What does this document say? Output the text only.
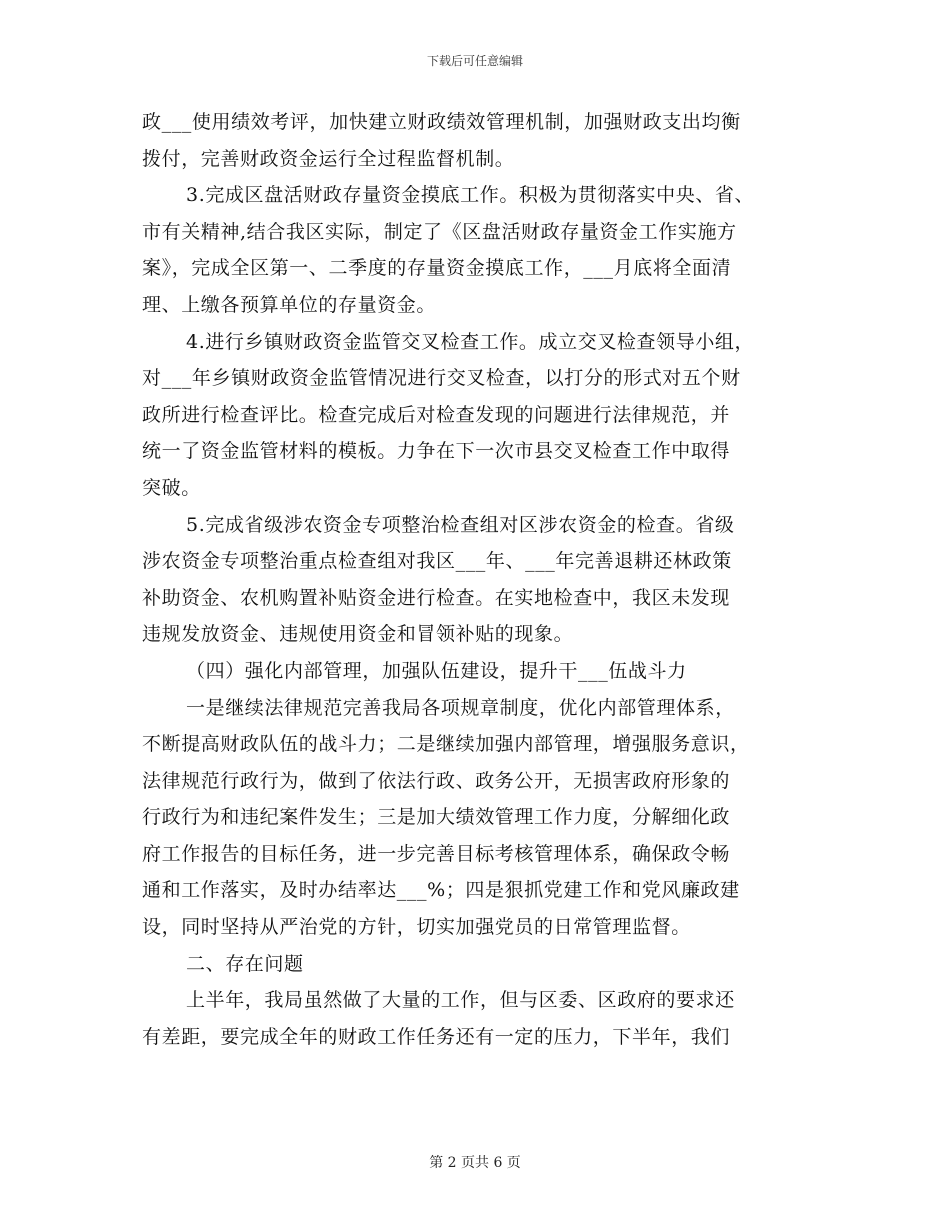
下载后可任意编辑
政___使用绩效考评，加快建立财政绩效管理机制，加强财政支出均衡
拨付，完善财政资金运行全过程监督机制。
3.完成区盘活财政存量资金摸底工作。积极为贯彻落实中央、省、
市有关精神,结合我区实际，制定了《区盘活财政存量资金工作实施方
案》，完成全区第一、二季度的存量资金摸底工作，___月底将全面清
理、上缴各预算单位的存量资金。
4.进行乡镇财政资金监管交叉检查工作。成立交叉检查领导小组，
对___年乡镇财政资金监管情况进行交叉检查，以打分的形式对五个财
政所进行检查评比。检查完成后对检查发现的问题进行法律规范，并
统一了资金监管材料的模板。力争在下一次市县交叉检查工作中取得
突破。
5.完成省级涉农资金专项整治检查组对区涉农资金的检查。省级
涉农资金专项整治重点检查组对我区___年、___年完善退耕还林政策
补助资金、农机购置补贴资金进行检查。在实地检查中，我区未发现
违规发放资金、违规使用资金和冒领补贴的现象。
（四）强化内部管理，加强队伍建设，提升干___伍战斗力
一是继续法律规范完善我局各项规章制度，优化内部管理体系，
不断提高财政队伍的战斗力；二是继续加强内部管理，增强服务意识，
法律规范行政行为，做到了依法行政、政务公开，无损害政府形象的
行政行为和违纪案件发生；三是加大绩效管理工作力度，分解细化政
府工作报告的目标任务，进一步完善目标考核管理体系，确保政令畅
通和工作落实，及时办结率达___%；四是狠抓党建工作和党风廉政建
设，同时坚持从严治党的方针，切实加强党员的日常管理监督。
二、存在问题
上半年，我局虽然做了大量的工作，但与区委、区政府的要求还
有差距，要完成全年的财政工作任务还有一定的压力，下半年，我们
第 2 页共 6 页
